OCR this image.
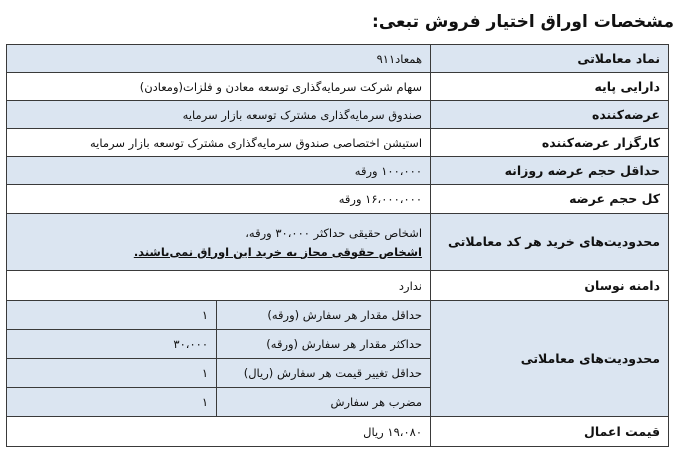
مشخصات اوراق اختیار فروش تبعی:
نماد معاملاتی	همعاد۹۱۱	
دارایی پایه	سهام شرکت سرمایه‌گذاری توسعه معادن و فلزات(ومعادن)	
عرضه‌کننده	صندوق سرمایه‌گذاری مشترک توسعه بازار سرمایه	
کارگزار عرضه‌کننده	استیشن اختصاصی صندوق سرمایه‌گذاری مشترک توسعه بازار سرمایه	
حداقل حجم عرضه روزانه	۱۰۰،۰۰۰ ورقه	
کل حجم عرضه	۱۶،۰۰۰،۰۰۰ ورقه	
محدودیت‌های خرید هر کد معاملاتی	اشخاص حقیقی حداکثر ۳۰،۰۰۰ ورقه،
اشخاص حقوقی مجاز به خرید این اوراق نمی‌باشند.	

دامنه نوسان	ندارد	
محدودیت‌های معاملاتی	حداقل مقدار هر سفارش (ورقه)	۱
	حداکثر مقدار هر سفارش (ورقه)	۳۰،۰۰۰
	حداقل تغییر قیمت هر سفارش (ریال)	۱
	مضرب هر سفارش	۱
قیمت اعمال	۱۹،۰۸۰ ریال	
